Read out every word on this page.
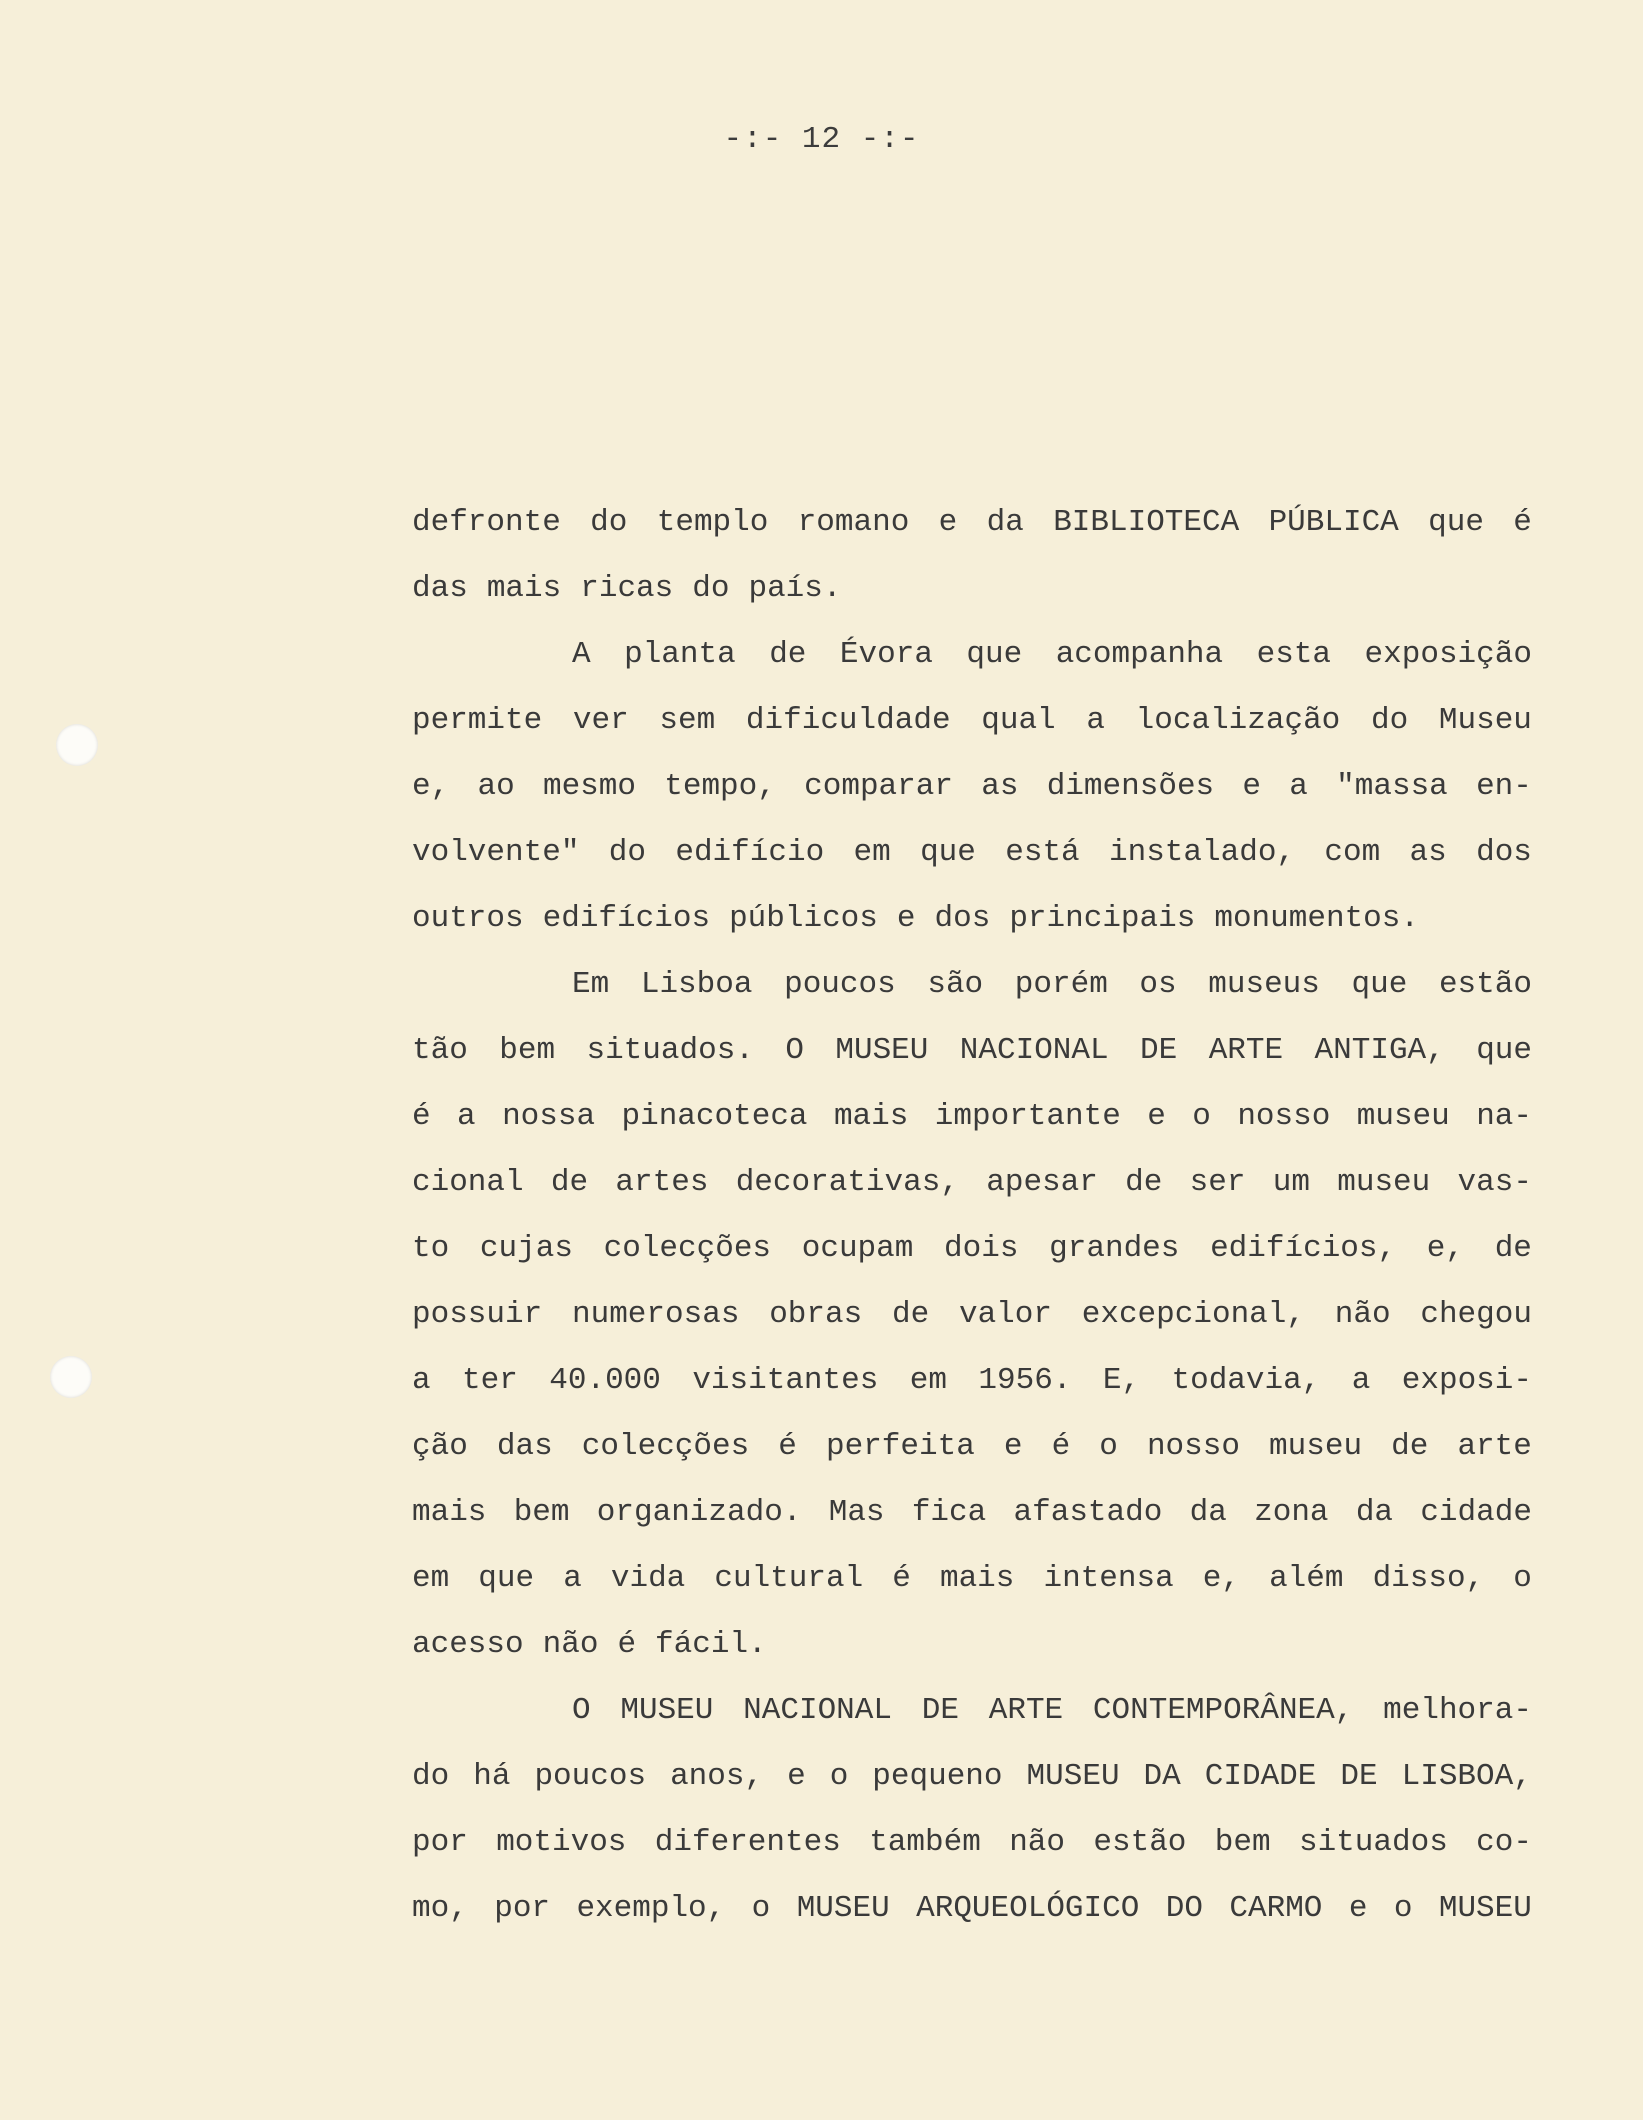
-:- 12 -:-
defronte do templo romano e da BIBLIOTECA PÚBLICA que é
das mais ricas do país.
A planta de Évora que acompanha esta exposição
permite ver sem dificuldade qual a localização do Museu
e, ao mesmo tempo, comparar as dimensões e a "massa en-
volvente" do edifício em que está instalado, com as dos
outros edifícios públicos e dos principais monumentos.
Em Lisboa poucos são porém os museus que estão
tão bem situados. O MUSEU NACIONAL DE ARTE ANTIGA, que
é a nossa pinacoteca mais importante e o nosso museu na-
cional de artes decorativas, apesar de ser um museu vas-
to cujas colecções ocupam dois grandes edifícios, e, de
possuir numerosas obras de valor excepcional, não chegou
a ter 40.000 visitantes em 1956. E, todavia, a exposi-
ção das colecções é perfeita e é o nosso museu de arte
mais bem organizado. Mas fica afastado da zona da cidade
em que a vida cultural é mais intensa e, além disso, o
acesso não é fácil.
O MUSEU NACIONAL DE ARTE CONTEMPORÂNEA, melhora-
do há poucos anos, e o pequeno MUSEU DA CIDADE DE LISBOA,
por motivos diferentes também não estão bem situados co-
mo, por exemplo, o MUSEU ARQUEOLÓGICO DO CARMO e o MUSEU
